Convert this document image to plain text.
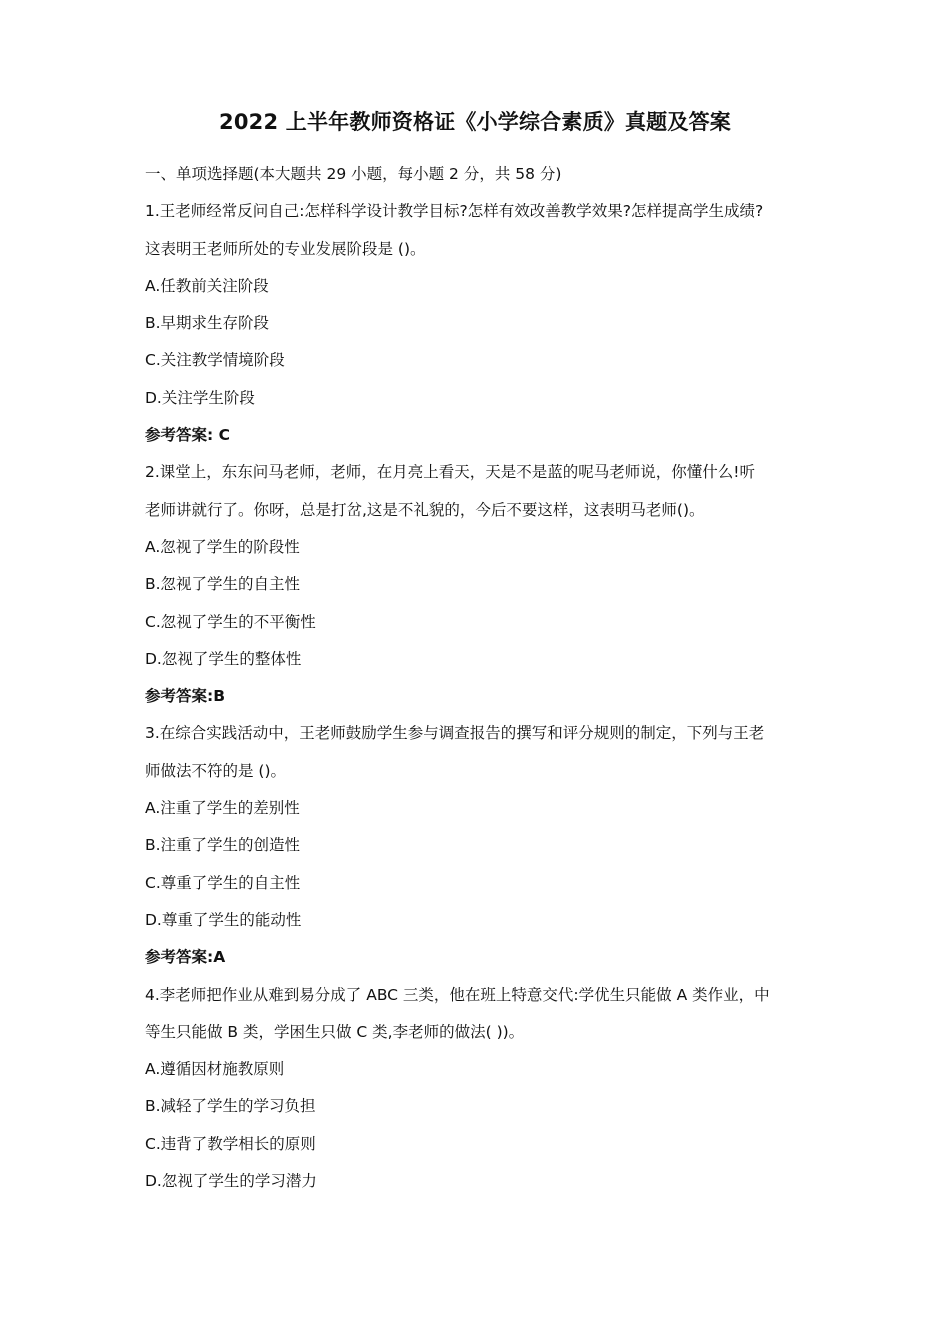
2022 上半年教师资格证《小学综合素质》真题及答案
一、单项选择题(本大题共 29 小题，每小题 2 分，共 58 分)
1.王老师经常反问自己:怎样科学设计教学目标?怎样有效改善教学效果?怎样提高学生成绩?
这表明王老师所处的专业发展阶段是 ()。
A.任教前关注阶段
B.早期求生存阶段
C.关注教学情境阶段
D.关注学生阶段
参考答案: C
2.课堂上，东东问马老师，老师，在月亮上看天，天是不是蓝的呢马老师说，你懂什么!听
老师讲就行了。你呀，总是打岔,这是不礼貌的，今后不要这样，这表明马老师()。
A.忽视了学生的阶段性
B.忽视了学生的自主性
C.忽视了学生的不平衡性
D.忽视了学生的整体性
参考答案:B
3.在综合实践活动中，王老师鼓励学生参与调查报告的撰写和评分规则的制定，下列与王老
师做法不符的是 ()。
A.注重了学生的差别性
B.注重了学生的创造性
C.尊重了学生的自主性
D.尊重了学生的能动性
参考答案:A
4.李老师把作业从难到易分成了 ABC 三类，他在班上特意交代:学优生只能做 A 类作业，中
等生只能做 B 类，学困生只做 C 类,李老师的做法( ))。
A.遵循因材施教原则
B.减轻了学生的学习负担
C.违背了教学相长的原则
D.忽视了学生的学习潜力
